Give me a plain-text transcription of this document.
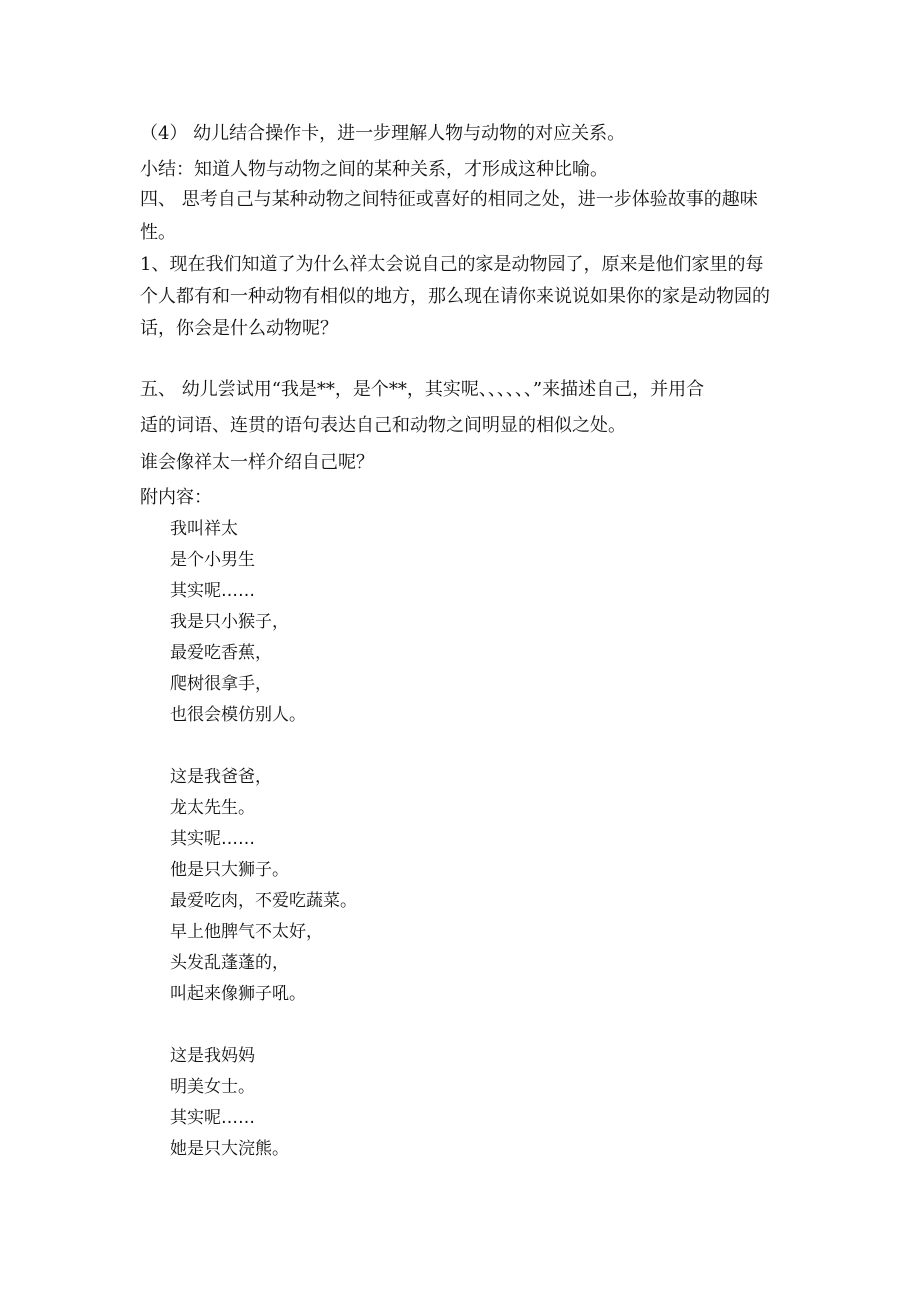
（4） 幼儿结合操作卡，进一步理解人物与动物的对应关系。

小结：知道人物与动物之间的某种关系，才形成这种比喻。

四、 思考自己与某种动物之间特征或喜好的相同之处，进一步体验故事的趣味

性。

1、现在我们知道了为什么祥太会说自己的家是动物园了，原来是他们家里的每

个人都有和一种动物有相似的地方，那么现在请你来说说如果你的家是动物园的

话，你会是什么动物呢？

五、 幼儿尝试用“我是**，是个**，其实呢、、、、、、”来描述自己，并用合

适的词语、连贯的语句表达自己和动物之间明显的相似之处。

谁会像祥太一样介绍自己呢？

附内容：

我叫祥太
是个小男生
其实呢……
我是只小猴子，
最爱吃香蕉，
爬树很拿手，
也很会模仿别人。
这是我爸爸，
龙太先生。
其实呢……
他是只大狮子。
最爱吃肉，不爱吃蔬菜。
早上他脾气不太好，
头发乱蓬蓬的，
叫起来像狮子吼。
这是我妈妈
明美女士。
其实呢……
她是只大浣熊。
